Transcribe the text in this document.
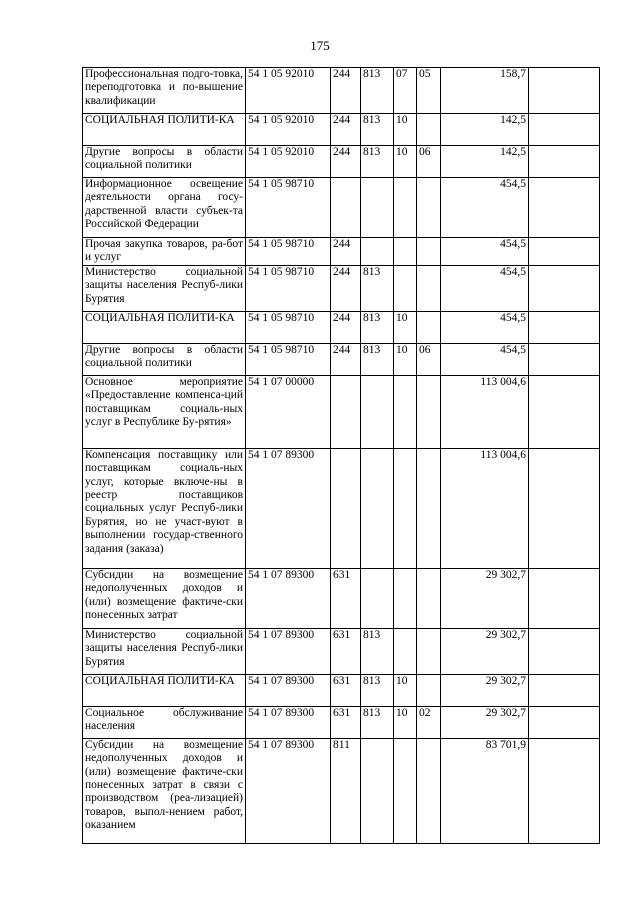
175
Профессиональная подго-товка, переподготовка и по-вышение квалификации	54 1 05 92010	244	813	07	05	158,7	
СОЦИАЛЬНАЯ ПОЛИТИ-КА	54 1 05 92010	244	813	10		142,5	
Другие вопросы в области социальной политики	54 1 05 92010	244	813	10	06	142,5	
Информационное освещение деятельности органа госу-дарственной власти субъек-та Российской Федерации	54 1 05 98710					454,5	
Прочая закупка товаров, ра-бот и услуг	54 1 05 98710	244				454,5	
Министерство социальной защиты населения Респуб-лики Бурятия	54 1 05 98710	244	813			454,5	
СОЦИАЛЬНАЯ ПОЛИТИ-КА	54 1 05 98710	244	813	10		454,5	
Другие вопросы в области социальной политики	54 1 05 98710	244	813	10	06	454,5	
Основное мероприятие «Предоставление компенса-ций поставщикам социаль-ных услуг в Республике Бу-рятия»	54 1 07 00000					113 004,6	
Компенсация поставщику или поставщикам социаль-ных услуг, которые включе-ны в реестр поставщиков социальных услуг Респуб-лики Бурятия, но не участ-вуют в выполнении государ-ственного задания (заказа)	54 1 07 89300					113 004,6	
Субсидии на возмещение недополученных доходов и (или) возмещение фактиче-ски понесенных затрат	54 1 07 89300	631				29 302,7	
Министерство социальной защиты населения Респуб-лики Бурятия	54 1 07 89300	631	813			29 302,7	
СОЦИАЛЬНАЯ ПОЛИТИ-КА	54 1 07 89300	631	813	10		29 302,7	
Социальное обслуживание населения	54 1 07 89300	631	813	10	02	29 302,7	
Субсидии на возмещение недополученных доходов и (или) возмещение фактиче-ски понесенных затрат в связи с производством (реа-лизацией) товаров, выпол-нением работ, оказанием	54 1 07 89300	811				83 701,9	
